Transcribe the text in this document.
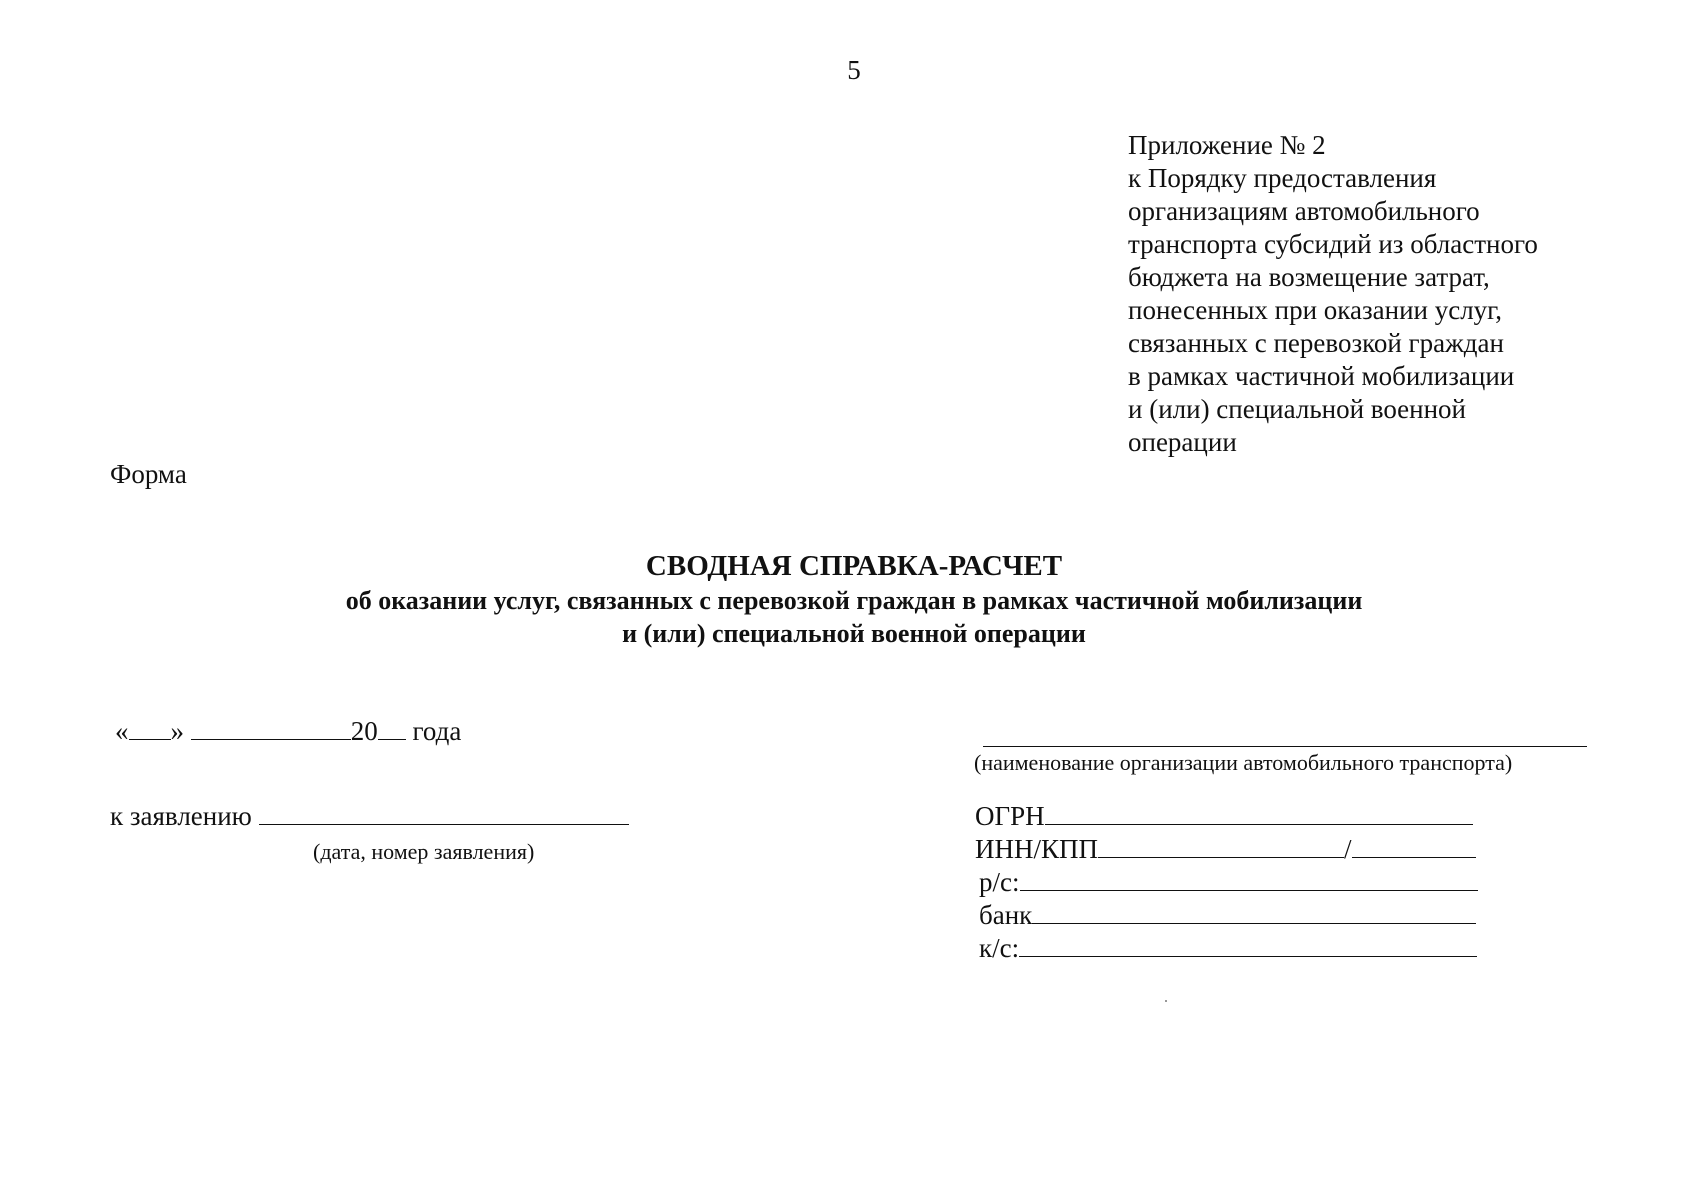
5
Приложение № 2
к Порядку предоставления
организациям автомобильного
транспорта субсидий из областного
бюджета на возмещение затрат,
понесенных при оказании услуг,
связанных с перевозкой граждан
в рамках частичной мобилизации
и (или) специальной военной
операции
Форма
СВОДНАЯ СПРАВКА-РАСЧЕТ
об оказании услуг, связанных с перевозкой граждан в рамках частичной мобилизации
и (или) специальной военной операции
« »	20 года
к заявлению
(дата, номер заявления)
(наименование организации автомобильного транспорта)
ОГРН
ИНН/КПП	/
р/с:
банк
к/с:
